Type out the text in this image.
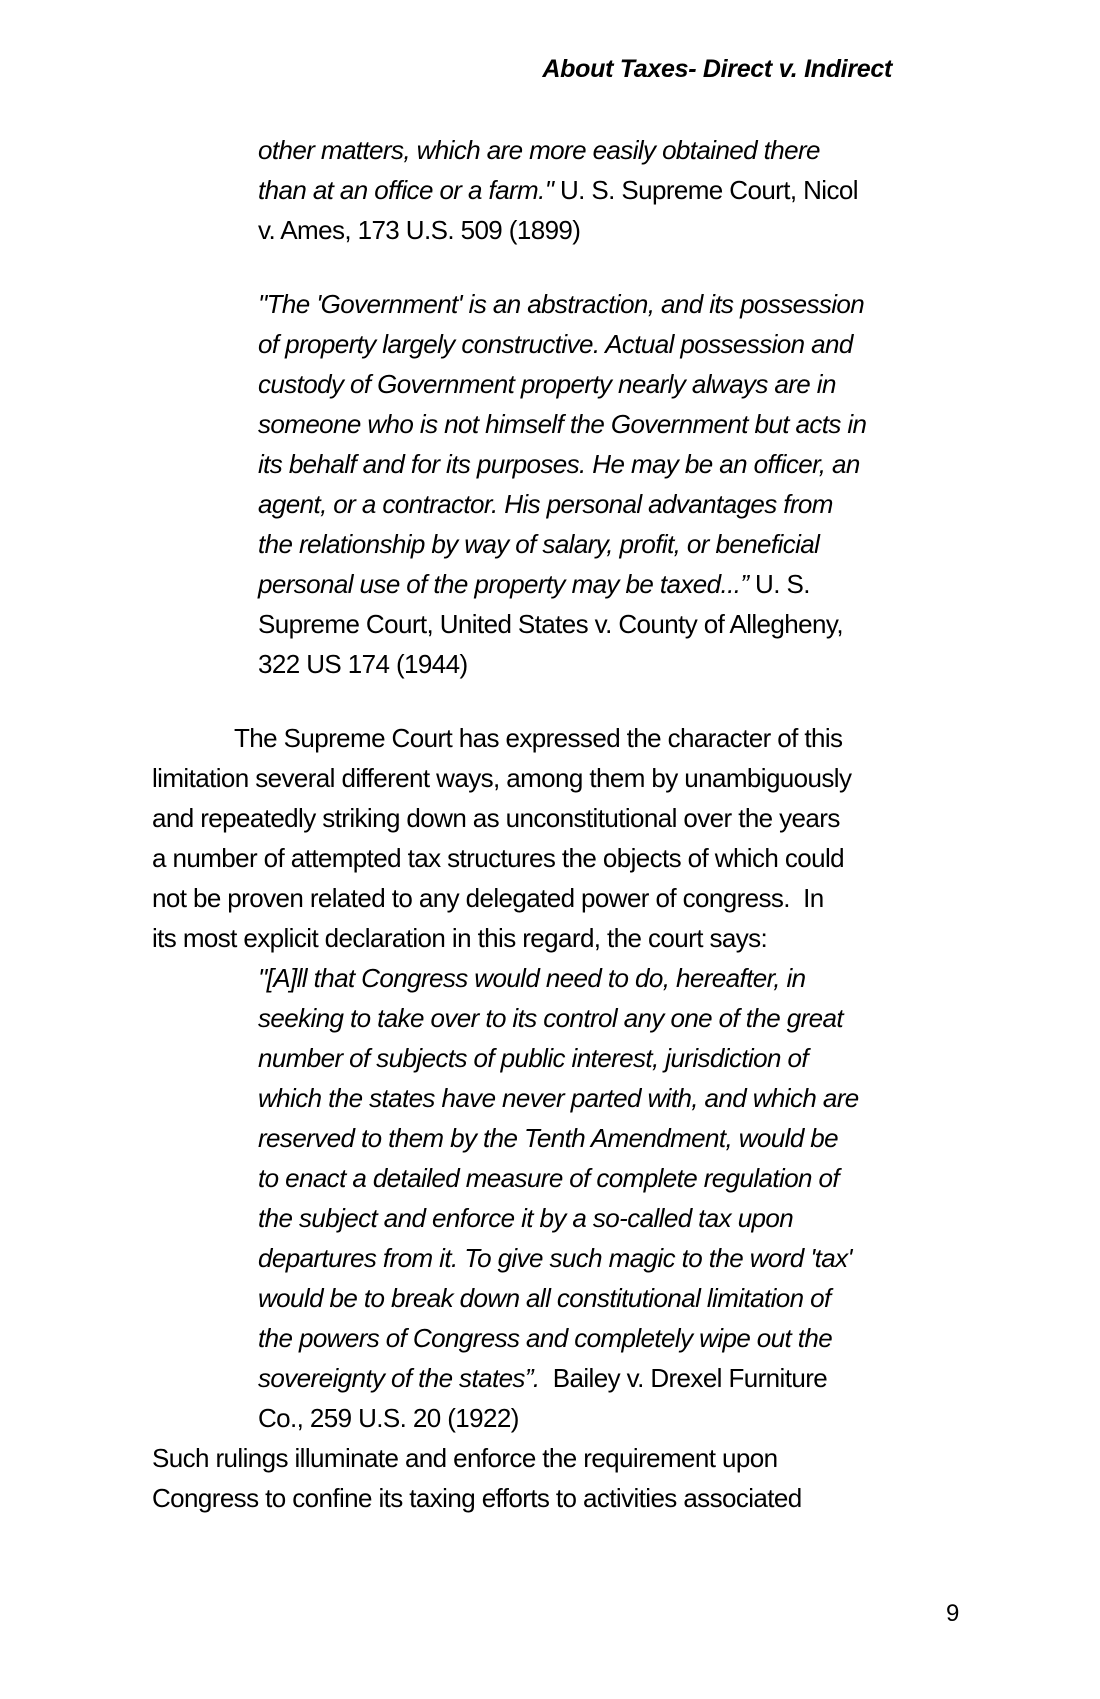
About Taxes- Direct v. Indirect
other matters, which are more easily obtained there
than at an office or a farm." U. S. Supreme Court, Nicol
v. Ames, 173 U.S. 509 (1899)
"The 'Government' is an abstraction, and its possession
of property largely constructive. Actual possession and
custody of Government property nearly always are in
someone who is not himself the Government but acts in
its behalf and for its purposes. He may be an officer, an
agent, or a contractor. His personal advantages from
the relationship by way of salary, profit, or beneficial
personal use of the property may be taxed...” U. S.
Supreme Court, United States v. County of Allegheny,
322 US 174 (1944)
The Supreme Court has expressed the character of this
limitation several different ways, among them by unambiguously
and repeatedly striking down as unconstitutional over the years
a number of attempted tax structures the objects of which could
not be proven related to any delegated power of congress.  In
its most explicit declaration in this regard, the court says:
"[A]ll that Congress would need to do, hereafter, in
seeking to take over to its control any one of the great
number of subjects of public interest, jurisdiction of
which the states have never parted with, and which are
reserved to them by the Tenth Amendment, would be
to enact a detailed measure of complete regulation of
the subject and enforce it by a so-called tax upon
departures from it. To give such magic to the word 'tax'
would be to break down all constitutional limitation of
the powers of Congress and completely wipe out the
sovereignty of the states”.  Bailey v. Drexel Furniture
Co., 259 U.S. 20 (1922)
Such rulings illuminate and enforce the requirement upon
Congress to confine its taxing efforts to activities associated
9
